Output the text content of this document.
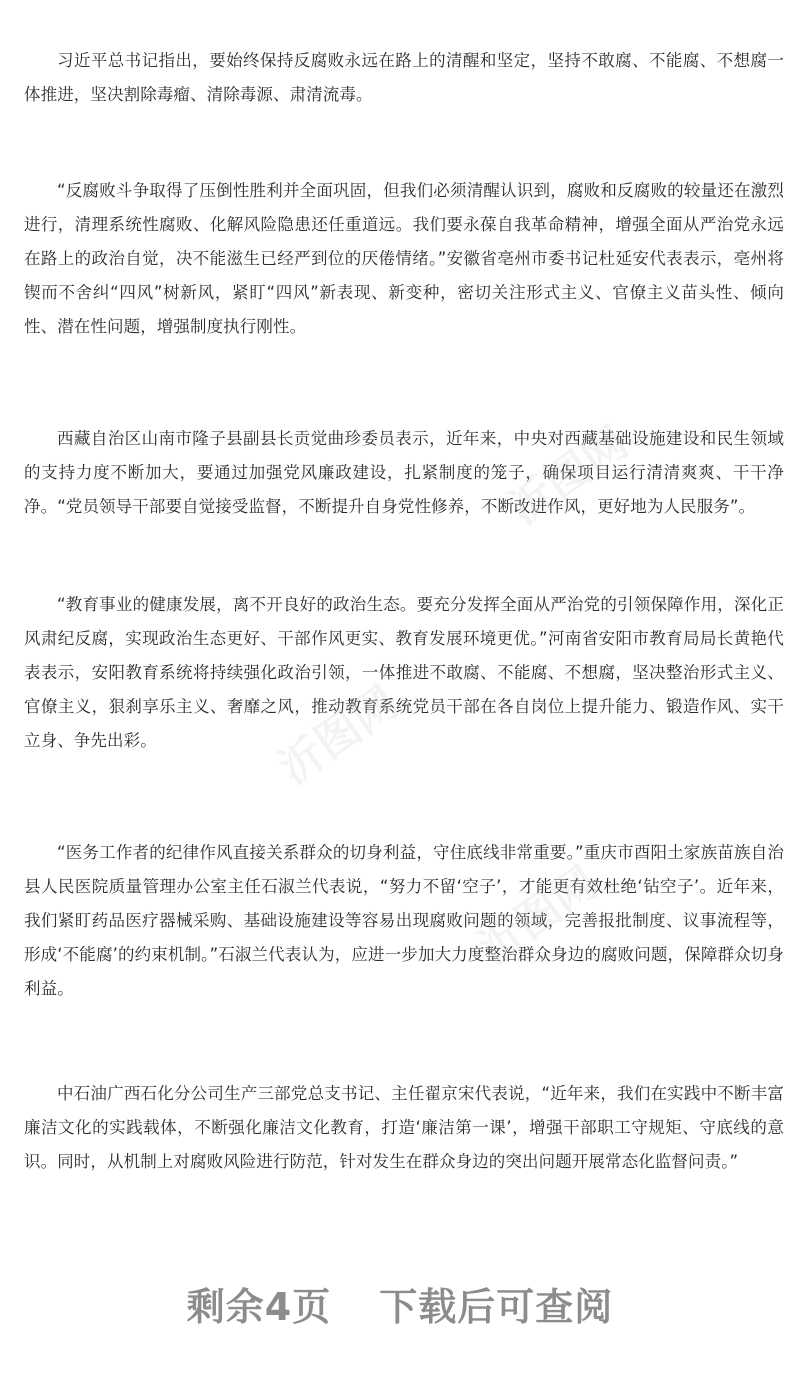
习近平总书记指出，要始终保持反腐败永远在路上的清醒和坚定，坚持不敢腐、不能腐、不想腐一体推进，坚决割除毒瘤、清除毒源、肃清流毒。

“反腐败斗争取得了压倒性胜利并全面巩固，但我们必须清醒认识到，腐败和反腐败的较量还在激烈进行，清理系统性腐败、化解风险隐患还任重道远。我们要永葆自我革命精神，增强全面从严治党永远在路上的政治自觉，决不能滋生已经严到位的厌倦情绪。”安徽省亳州市委书记杜延安代表表示，亳州将锲而不舍纠“四风”树新风，紧盯“四风”新表现、新变种，密切关注形式主义、官僚主义苗头性、倾向性、潜在性问题，增强制度执行刚性。

西藏自治区山南市隆子县副县长贡觉曲珍委员表示，近年来，中央对西藏基础设施建设和民生领域的支持力度不断加大，要通过加强党风廉政建设，扎紧制度的笼子，确保项目运行清清爽爽、干干净净。“党员领导干部要自觉接受监督，不断提升自身党性修养，不断改进作风，更好地为人民服务”。

“教育事业的健康发展，离不开良好的政治生态。要充分发挥全面从严治党的引领保障作用，深化正风肃纪反腐，实现政治生态更好、干部作风更实、教育发展环境更优。”河南省安阳市教育局局长黄艳代表表示，安阳教育系统将持续强化政治引领，一体推进不敢腐、不能腐、不想腐，坚决整治形式主义、官僚主义，狠刹享乐主义、奢靡之风，推动教育系统党员干部在各自岗位上提升能力、锻造作风、实干立身、争先出彩。

“医务工作者的纪律作风直接关系群众的切身利益，守住底线非常重要。”重庆市酉阳土家族苗族自治县人民医院质量管理办公室主任石淑兰代表说，“努力不留‘空子’，才能更有效杜绝‘钻空子’。近年来，我们紧盯药品医疗器械采购、基础设施建设等容易出现腐败问题的领域，完善报批制度、议事流程等，形成‘不能腐’的约束机制。”石淑兰代表认为，应进一步加大力度整治群众身边的腐败问题，保障群众切身利益。

中石油广西石化分公司生产三部党总支书记、主任翟京宋代表说，“近年来，我们在实践中不断丰富廉洁文化的实践载体，不断强化廉洁文化教育，打造‘廉洁第一课’，增强干部职工守规矩、守底线的意识。同时，从机制上对腐败风险进行防范，针对发生在群众身边的突出问题开展常态化监督问责。”

沂图网
沂图网
沂图网
剩余4页 下载后可查阅
